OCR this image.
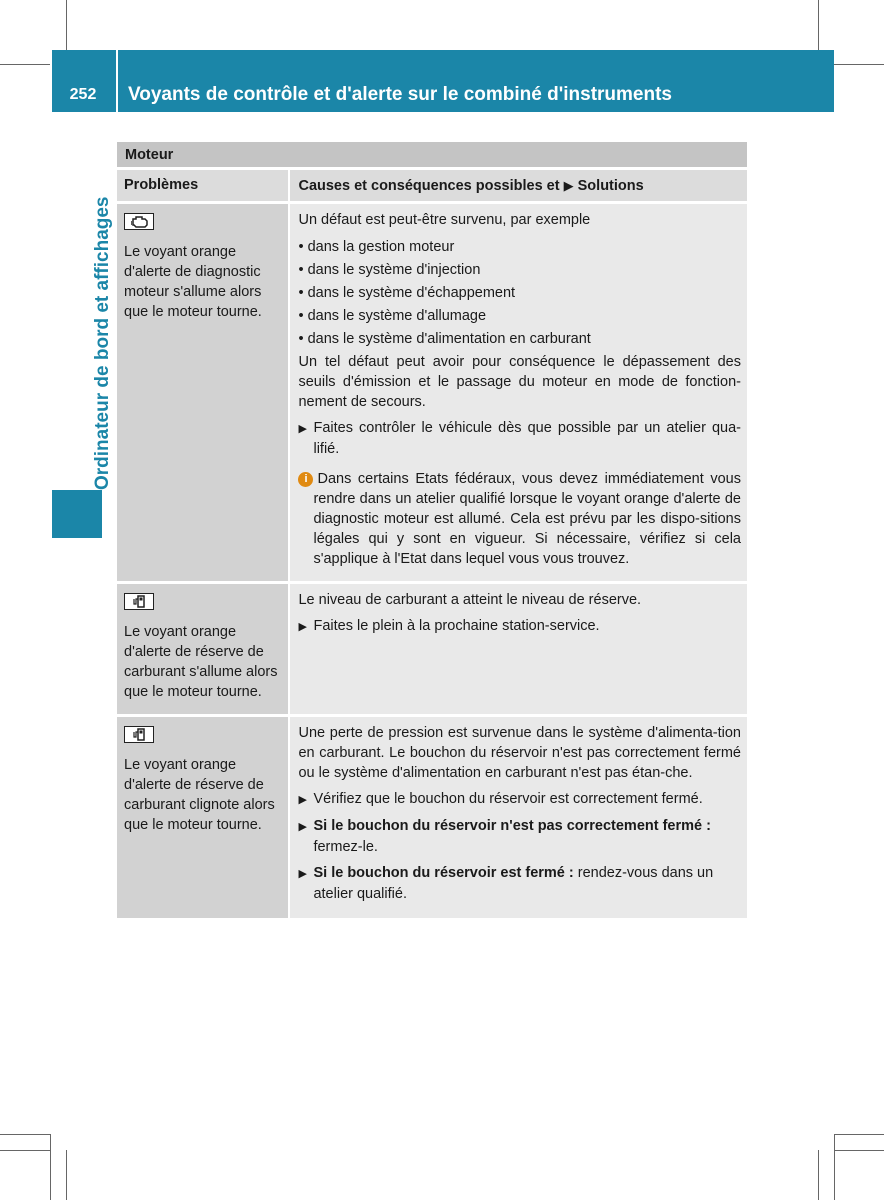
252	Voyants de contrôle et d'alerte sur le combiné d'instruments
Ordinateur de bord et affichages
Moteur
Problèmes	Causes et conséquences possibles et ▶ Solutions

Le voyant orange d'alerte de diagnostic moteur s'allume alors que le moteur tourne.

Un défaut est peut-être survenu, par exemple

• dans la gestion moteur
• dans le système d'injection
• dans le système d'échappement
• dans le système d'allumage
• dans le système d'alimentation en carburant

Un tel défaut peut avoir pour conséquence le dépassement des seuils d'émission et le passage du moteur en mode de fonction-nement de secours.

▶ Faites contrôler le véhicule dès que possible par un atelier qua-lifié.
i Dans certains Etats fédéraux, vous devez immédiatement vous rendre dans un atelier qualifié lorsque le voyant orange d'alerte de diagnostic moteur est allumé. Cela est prévu par les dispo-sitions légales qui y sont en vigueur. Si nécessaire, vérifiez si cela s'applique à l'Etat dans lequel vous vous trouvez.

Le voyant orange d'alerte de réserve de carburant s'allume alors que le moteur tourne.

Le niveau de carburant a atteint le niveau de réserve.

▶ Faites le plein à la prochaine station-service.

Le voyant orange d'alerte de réserve de carburant clignote alors que le moteur tourne.

Une perte de pression est survenue dans le système d'alimenta-tion en carburant. Le bouchon du réservoir n'est pas correctement fermé ou le système d'alimentation en carburant n'est pas étan-che.

▶ Vérifiez que le bouchon du réservoir est correctement fermé.
▶ Si le bouchon du réservoir n'est pas correctement fermé : fermez-le.
▶ Si le bouchon du réservoir est fermé : rendez-vous dans un atelier qualifié.
